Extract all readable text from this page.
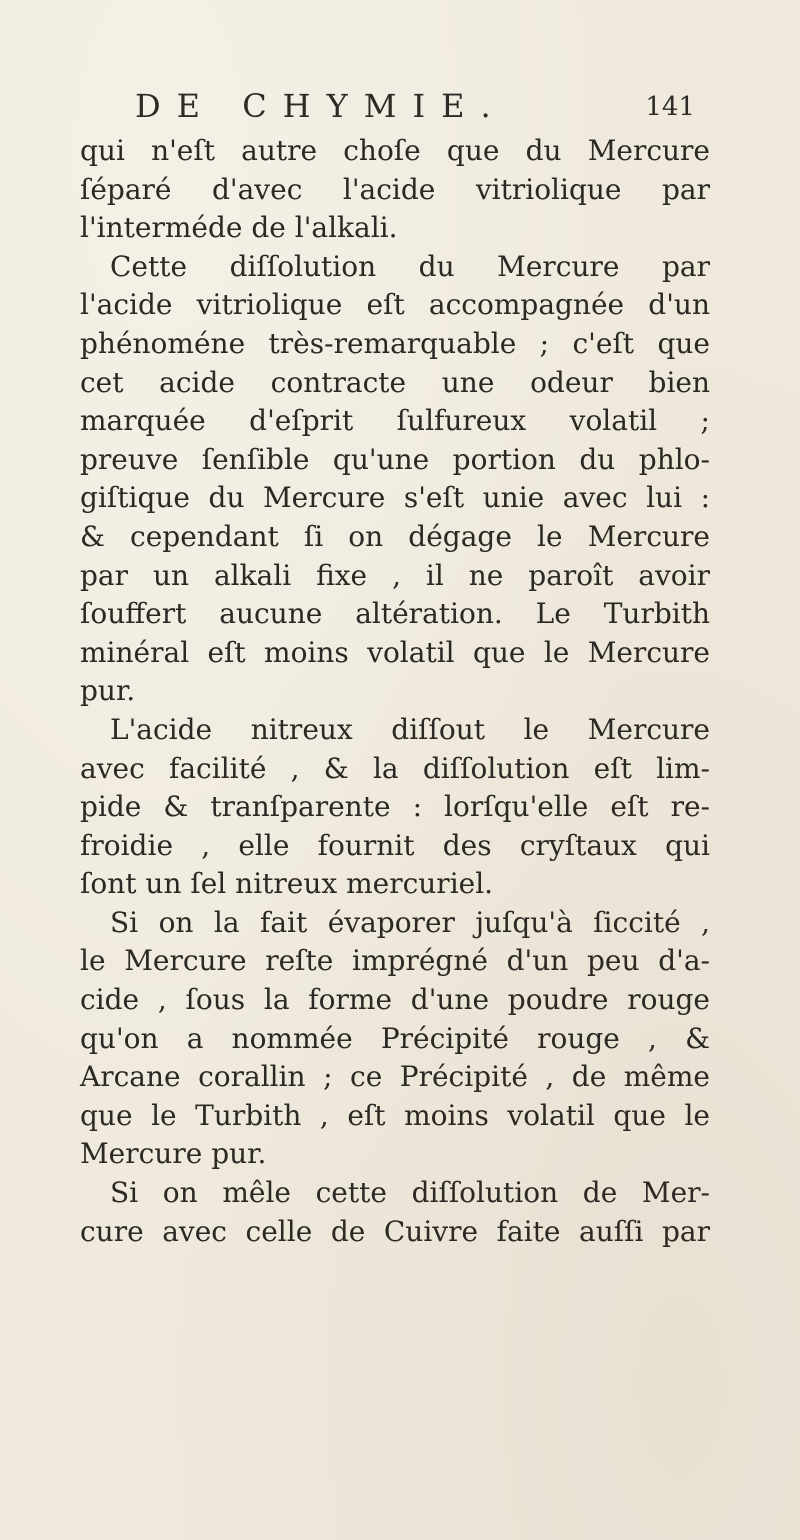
DE CHYMIE.	141
qui n'eſt autre choſe que du Mercure
ſéparé d'avec l'acide vitriolique par
l'interméde de l'alkali.
Cette diſſolution du Mercure par
l'acide vitriolique eſt accompagnée d'un
phénoméne très-remarquable ; c'eſt que
cet acide contracte une odeur bien
marquée d'eſprit ſulfureux volatil ;
preuve ſenſible qu'une portion du phlo-
giſtique du Mercure s'eſt unie avec lui :
& cependant ſi on dégage le Mercure
par un alkali fixe , il ne paroît avoir
ſouffert aucune altération. Le Turbith
minéral eſt moins volatil que le Mercure
pur.
L'acide nitreux diſſout le Mercure
avec facilité , & la diſſolution eſt lim-
pide & tranſparente : lorſqu'elle eſt re-
froidie , elle fournit des cryſtaux qui
ſont un ſel nitreux mercuriel.
Si on la fait évaporer juſqu'à ſiccité ,
le Mercure reſte imprégné d'un peu d'a-
cide , ſous la forme d'une poudre rouge
qu'on a nommée Précipité rouge , &
Arcane corallin ; ce Précipité , de même
que le Turbith , eſt moins volatil que le
Mercure pur.
Si on mêle cette diſſolution de Mer-
cure avec celle de Cuivre faite auſſi par
